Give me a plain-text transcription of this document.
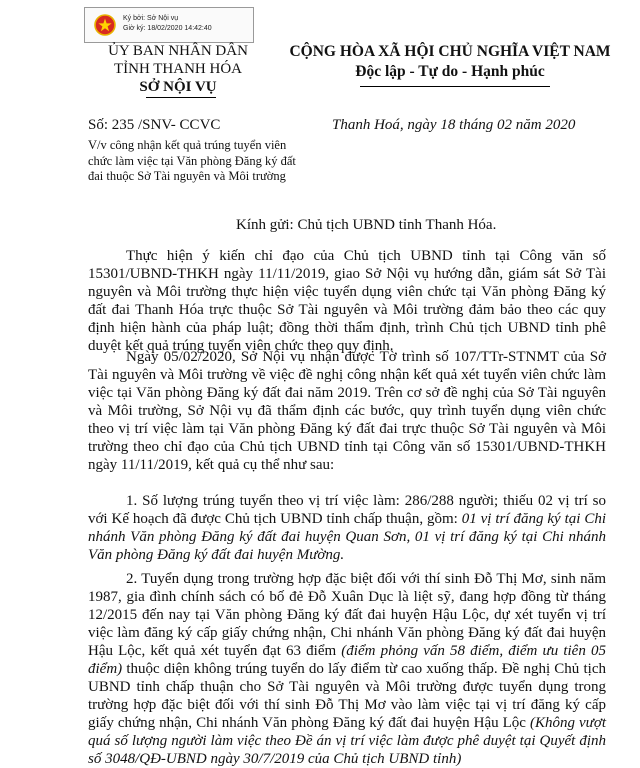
Ký bởi: Sở Nội vụ
Giờ ký: 18/02/2020 14:42:40
ỦY BAN NHÂN DÂN
TỈNH THANH HÓA
SỞ NỘI VỤ
CỘNG HÒA XÃ HỘI CHỦ NGHĨA VIỆT NAM
Độc lập - Tự do - Hạnh phúc
Số: 235 /SNV- CCVC	Thanh Hoá, ngày 18 tháng 02 năm 2020
V/v công nhận kết quả trúng tuyển viên chức làm việc tại Văn phòng Đăng ký đất đai thuộc Sở Tài nguyên và Môi trường
Kính gửi: Chủ tịch UBND tỉnh Thanh Hóa.
Thực hiện ý kiến chỉ đạo của Chủ tịch UBND tỉnh tại Công văn số 15301/UBND-THKH ngày 11/11/2019, giao Sở Nội vụ hướng dẫn, giám sát Sở Tài nguyên và Môi trường thực hiện việc tuyển dụng viên chức tại Văn phòng Đăng ký đất đai Thanh Hóa trực thuộc Sở Tài nguyên và Môi trường đảm bảo theo các quy định hiện hành của pháp luật; đồng thời thẩm định, trình Chủ tịch UBND tỉnh phê duyệt kết quả trúng tuyển viên chức theo quy định.
Ngày 05/02/2020, Sở Nội vụ nhận được Tờ trình số 107/TTr-STNMT của Sở Tài nguyên và Môi trường về việc đề nghị công nhận kết quả xét tuyển viên chức làm việc tại Văn phòng Đăng ký đất đai năm 2019. Trên cơ sở đề nghị của Sở Tài nguyên và Môi trường, Sở Nội vụ đã thẩm định các bước, quy trình tuyển dụng viên chức theo vị trí việc làm tại Văn phòng Đăng ký đất đai trực thuộc Sở Tài nguyên và Môi trường theo chỉ đạo của Chủ tịch UBND tỉnh tại Công văn số 15301/UBND-THKH ngày 11/11/2019, kết quả cụ thể như sau:
1. Số lượng trúng tuyển theo vị trí việc làm: 286/288 người; thiếu 02 vị trí so với Kế hoạch đã được Chủ tịch UBND tỉnh chấp thuận, gồm: 01 vị trí đăng ký tại Chi nhánh Văn phòng Đăng ký đất đai huyện Quan Sơn, 01 vị trí đăng ký tại Chi nhánh Văn phòng Đăng ký đất đai huyện Mường.
2. Tuyển dụng trong trường hợp đặc biệt đối với thí sinh Đỗ Thị Mơ, sinh năm 1987, gia đình chính sách có bố đẻ Đỗ Xuân Dục là liệt sỹ, đang hợp đồng từ tháng 12/2015 đến nay tại Văn phòng Đăng ký đất đai huyện Hậu Lộc, dự xét tuyển vị trí việc làm đăng ký cấp giấy chứng nhận, Chi nhánh Văn phòng Đăng ký đất đai huyện Hậu Lộc, kết quả xét tuyển đạt 63 điểm (điểm phỏng vấn 58 điểm, điểm ưu tiên 05 điểm) thuộc diện không trúng tuyển do lấy điểm từ cao xuống thấp. Đề nghị Chủ tịch UBND tỉnh chấp thuận cho Sở Tài nguyên và Môi trường được tuyển dụng trong trường hợp đặc biệt đối với thí sinh Đỗ Thị Mơ vào làm việc tại vị trí đăng ký cấp giấy chứng nhận, Chi nhánh Văn phòng Đăng ký đất đai huyện Hậu Lộc (Không vượt quá số lượng người làm việc theo Đề án vị trí việc làm được phê duyệt tại Quyết định số 3048/QĐ-UBND ngày 30/7/2019 của Chủ tịch UBND tỉnh)
